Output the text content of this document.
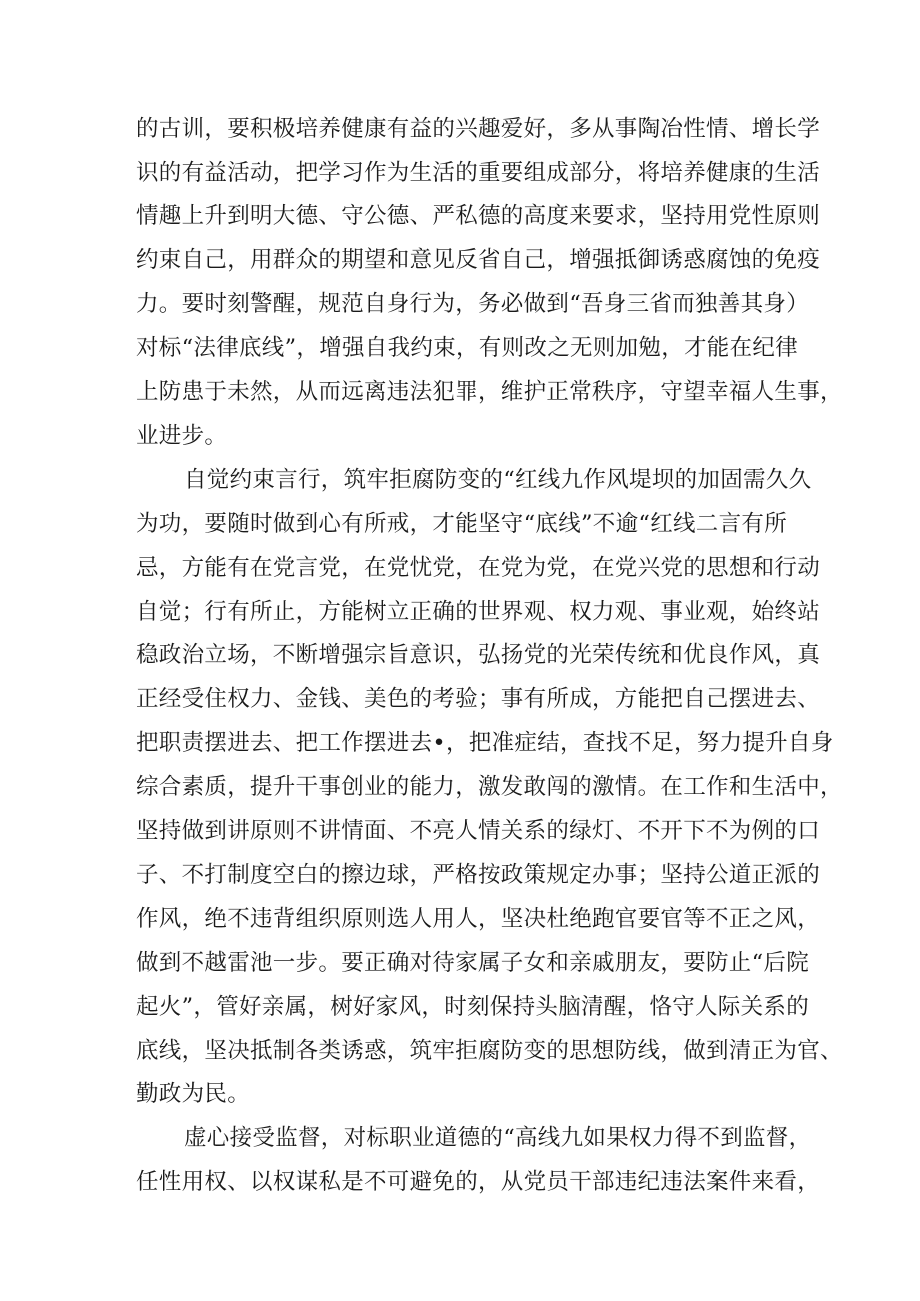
的古训，要积极培养健康有益的兴趣爱好，多从事陶冶性情、增长学
识的有益活动，把学习作为生活的重要组成部分，将培养健康的生活
情趣上升到明大德、守公德、严私德的高度来要求，坚持用党性原则
约束自己，用群众的期望和意见反省自己，增强抵御诱惑腐蚀的免疫
力。要时刻警醒，规范自身行为，务必做到“吾身三省而独善其身）
对标“法律底线”，增强自我约束，有则改之无则加勉，才能在纪律
上防患于未然，从而远离违法犯罪，维护正常秩序，守望幸福人生事，
业进步。
自觉约束言行，筑牢拒腐防变的“红线九作风堤坝的加固需久久
为功，要随时做到心有所戒，才能坚守“底线”不逾“红线二言有所
忌，方能有在党言党，在党忧党，在党为党，在党兴党的思想和行动
自觉；行有所止，方能树立正确的世界观、权力观、事业观，始终站
稳政治立场，不断增强宗旨意识，弘扬党的光荣传统和优良作风，真
正经受住权力、金钱、美色的考验；事有所成，方能把自己摆进去、
把职责摆进去、把工作摆进去•，把准症结，查找不足，努力提升自身
综合素质，提升干事创业的能力，激发敢闯的激情。在工作和生活中，
坚持做到讲原则不讲情面、不亮人情关系的绿灯、不开下不为例的口
子、不打制度空白的擦边球，严格按政策规定办事；坚持公道正派的
作风，绝不违背组织原则选人用人，坚决杜绝跑官要官等不正之风，
做到不越雷池一步。要正确对待家属子女和亲戚朋友，要防止“后院
起火”，管好亲属，树好家风，时刻保持头脑清醒，恪守人际关系的
底线，坚决抵制各类诱惑，筑牢拒腐防变的思想防线，做到清正为官、
勤政为民。
虚心接受监督，对标职业道德的“高线九如果权力得不到监督，
任性用权、以权谋私是不可避免的，从党员干部违纪违法案件来看，
